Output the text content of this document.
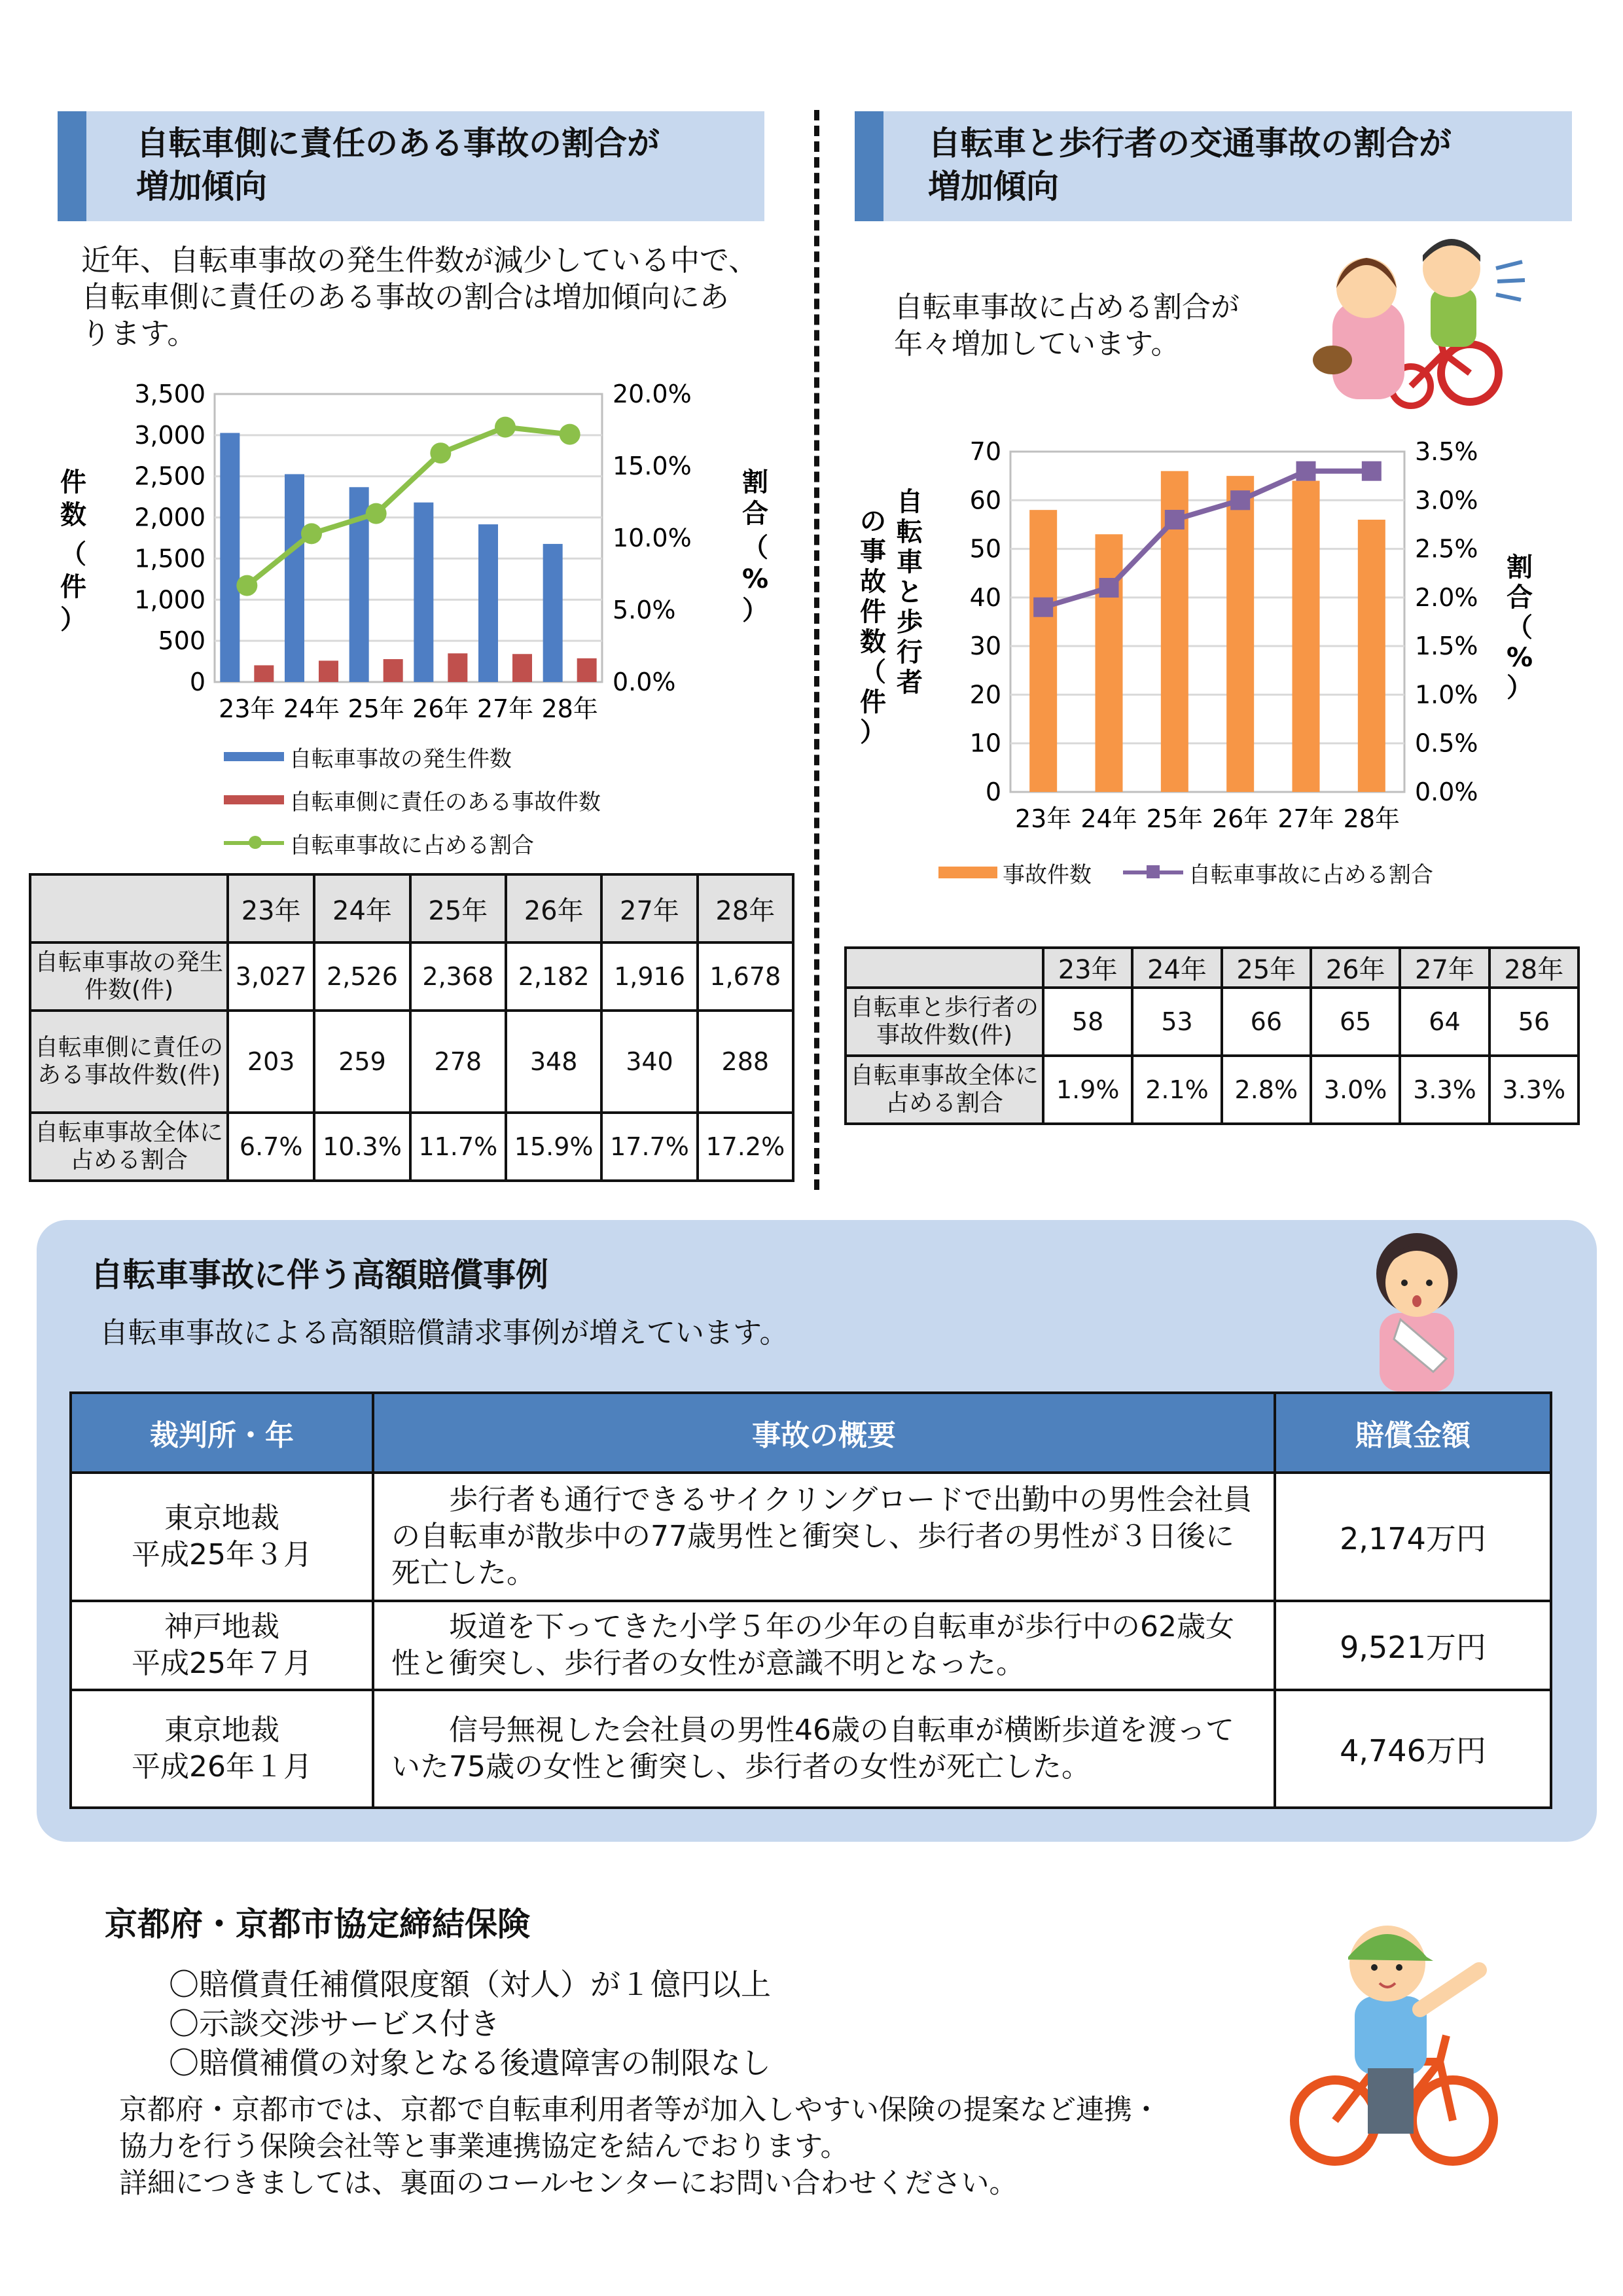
自転車側に責任のある事故の割合が
増加傾向
近年、自転車事故の発生件数が減少している中で、
自転車側に責任のある事故の割合は増加傾向にあ
ります。
3,500
3,000
2,500
2,000
1,500
1,000
500
0
20.0%
15.0%
10.0%
5.0%
0.0%
23年 24年 25年 26年 27年 28年
件
数
（
件
）
割
合
（
%
）
自転車事故の発生件数
自転車側に責任のある事故件数
自転車事故に占める割合
	23年	24年	25年	26年	27年	28年
自転車事故の発生件数(件)	3,027	2,526	2,368	2,182	1,916	1,678
自転車側に責任のある事故件数(件)	203	259	278	348	340	288
自転車事故全体に占める割合	6.7%	10.3%	11.7%	15.9%	17.7%	17.2%
自転車と歩行者の交通事故の割合が
増加傾向
自転車事故に占める割合が
年々増加しています。
70
60
50
40
30
20
10
0
3.5%
3.0%
2.5%
2.0%
1.5%
1.0%
0.5%
0.0%
23年 24年 25年 26年 27年 28年
自
転
車
と
歩
行
者
の
事
故
件
数
（
件
）
割
合
（
%
）
事故件数	自転車事故に占める割合
	23年	24年	25年	26年	27年	28年
自転車と歩行者の事故件数(件)	58	53	66	65	64	56
自転車事故全体に占める割合	1.9%	2.1%	2.8%	3.0%	3.3%	3.3%
自転車事故に伴う高額賠償事例
自転車事故による高額賠償請求事例が増えています。
裁判所・年	事故の概要	賠償金額

東京地裁
平成25年３月	歩行者も通行できるサイクリングロードで出勤中の男性会社員の自転車が散歩中の77歳男性と衝突し、歩行者の男性が３日後に死亡した。	2,174万円

神戸地裁
平成25年７月	坂道を下ってきた小学５年の少年の自転車が歩行中の62歳女性と衝突し、歩行者の女性が意識不明となった。	9,521万円

東京地裁
平成26年１月	信号無視した会社員の男性46歳の自転車が横断歩道を渡っていた75歳の女性と衝突し、歩行者の女性が死亡した。	4,746万円
京都府・京都市協定締結保険
〇賠償責任補償限度額（対人）が１億円以上
〇示談交渉サービス付き
〇賠償補償の対象となる後遺障害の制限なし
京都府・京都市では、京都で自転車利用者等が加入しやすい保険の提案など連携・
協力を行う保険会社等と事業連携協定を結んでおります。
詳細につきましては、裏面のコールセンターにお問い合わせください。
